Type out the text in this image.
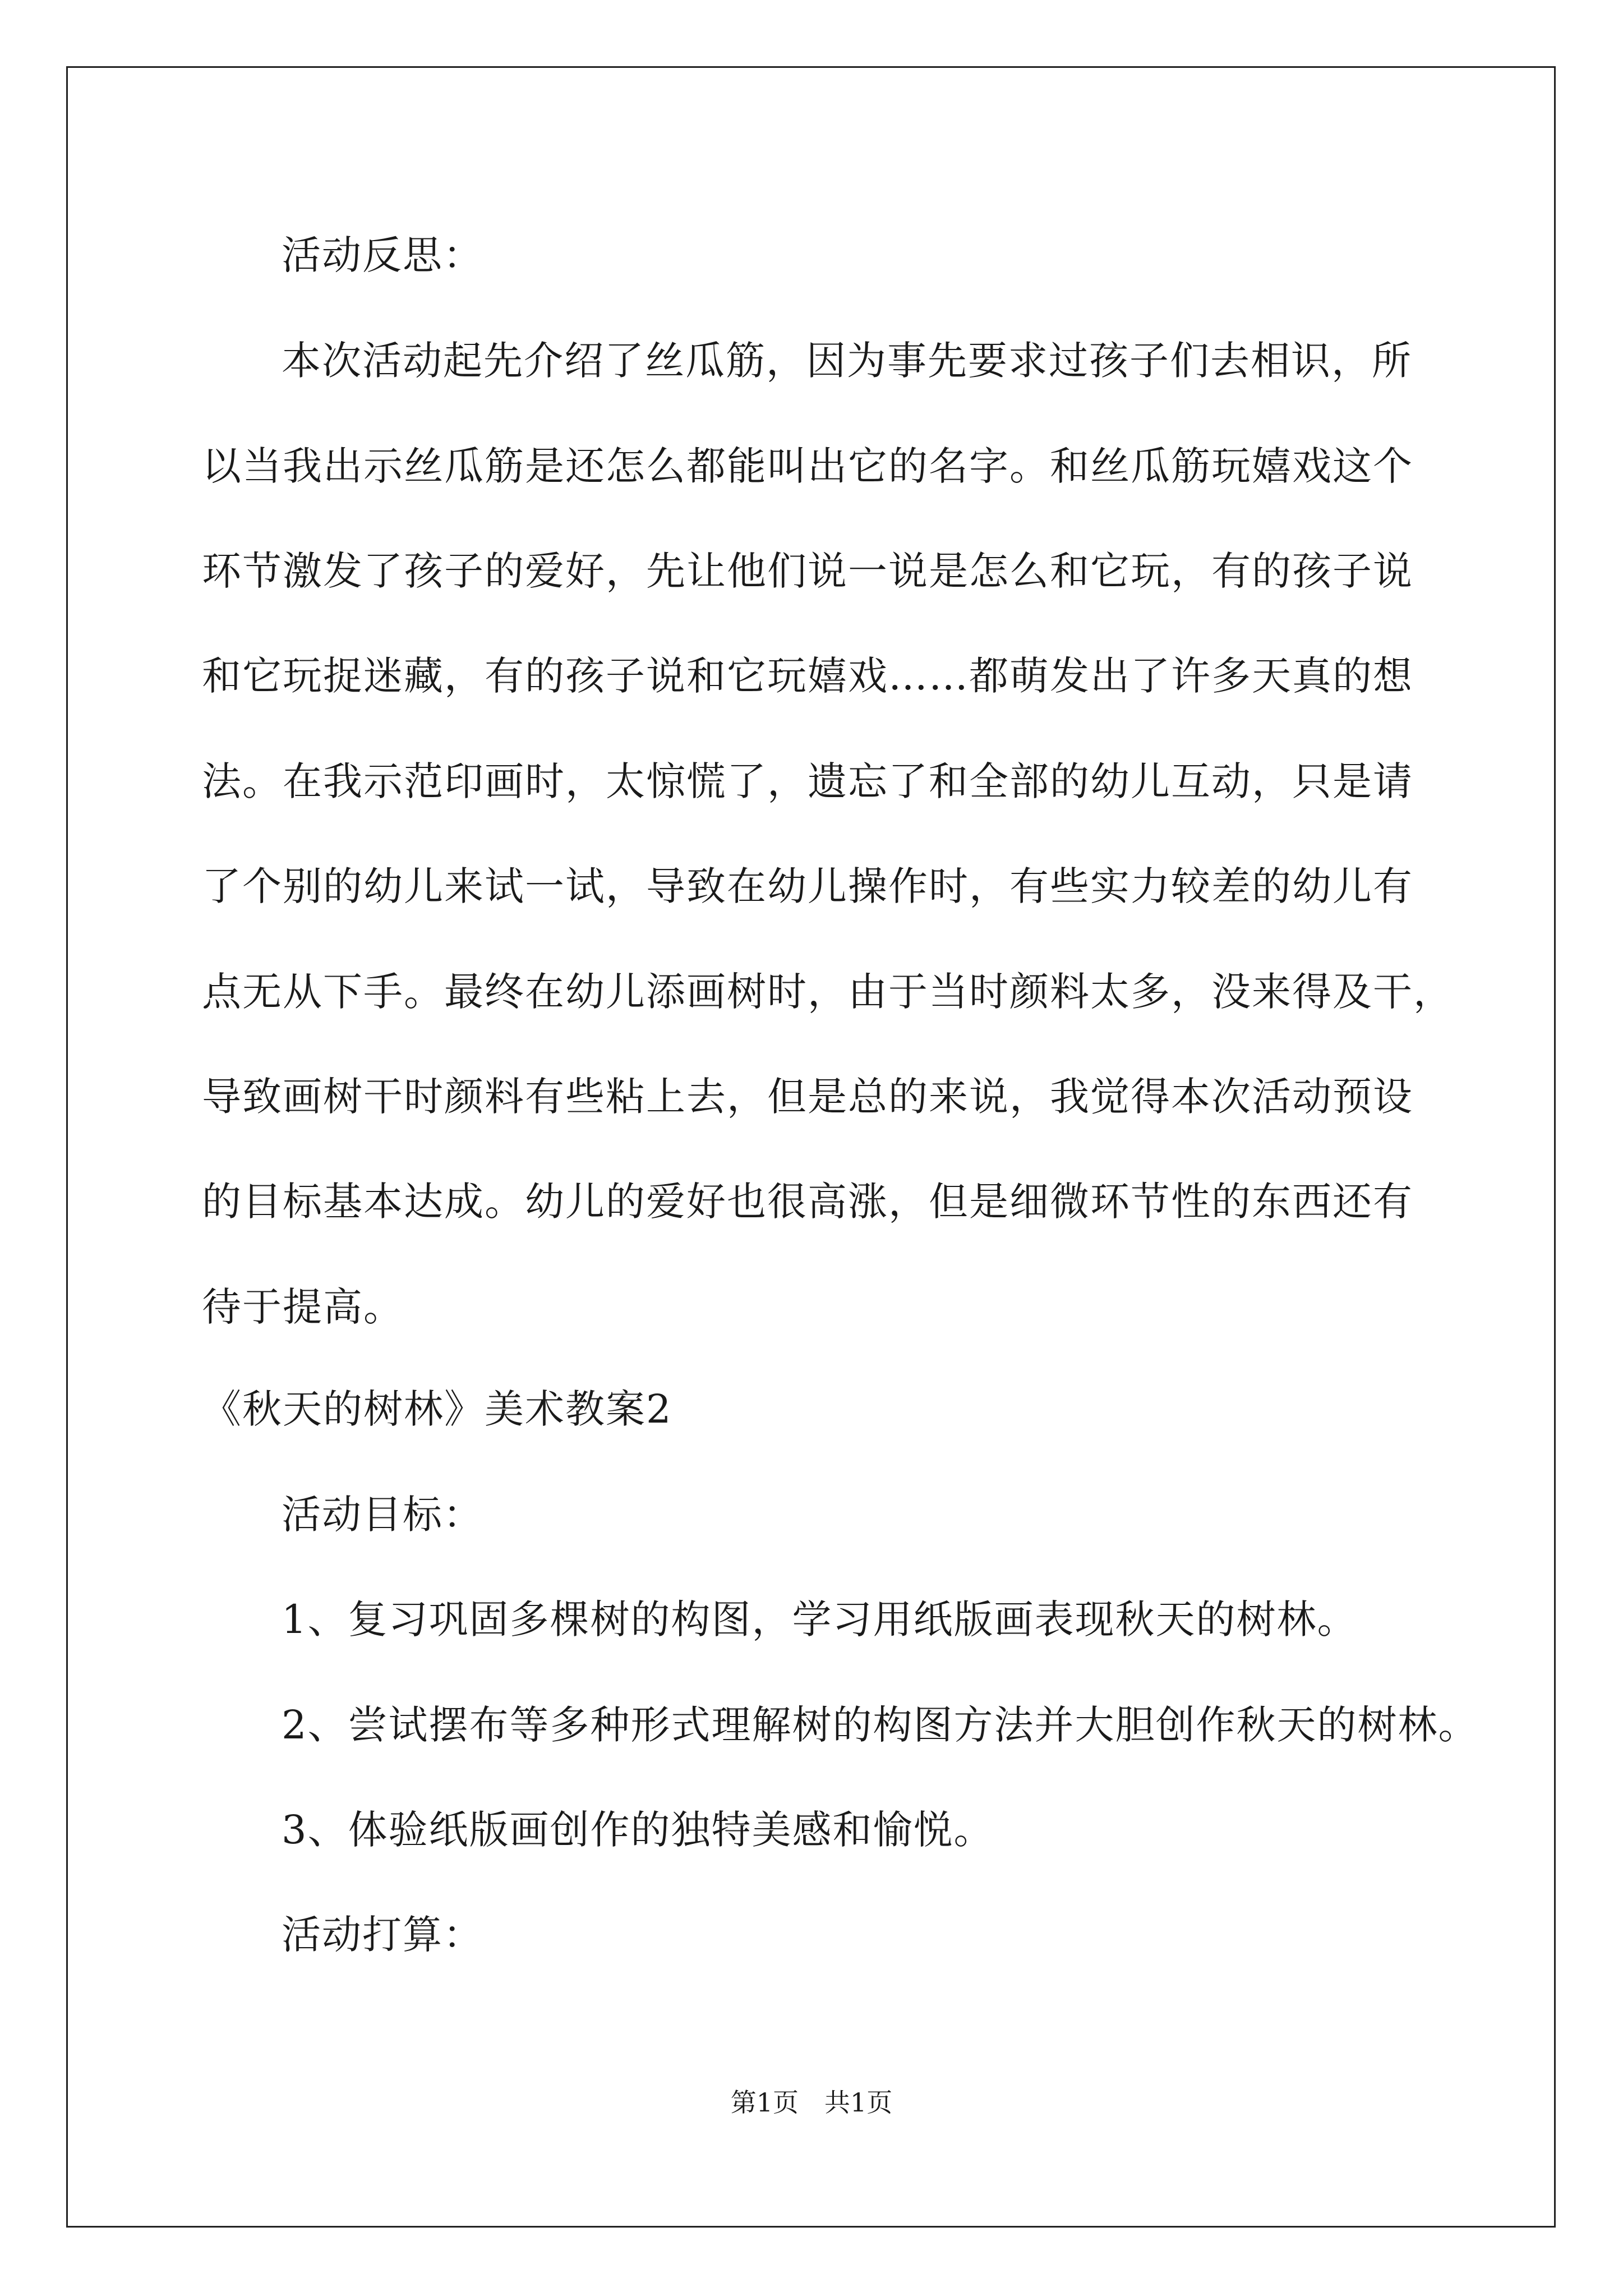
活动反思：
本次活动起先介绍了丝瓜筋，因为事先要求过孩子们去相识，所
以当我出示丝瓜筋是还怎么都能叫出它的名字。和丝瓜筋玩嬉戏这个
环节激发了孩子的爱好，先让他们说一说是怎么和它玩，有的孩子说
和它玩捉迷藏，有的孩子说和它玩嬉戏……都萌发出了许多天真的想
法。在我示范印画时，太惊慌了，遗忘了和全部的幼儿互动，只是请
了个别的幼儿来试一试，导致在幼儿操作时，有些实力较差的幼儿有
点无从下手。最终在幼儿添画树时，由于当时颜料太多，没来得及干，
导致画树干时颜料有些粘上去，但是总的来说，我觉得本次活动预设
的目标基本达成。幼儿的爱好也很高涨，但是细微环节性的东西还有
待于提高。
《秋天的树林》美术教案2
活动目标：
1、复习巩固多棵树的构图，学习用纸版画表现秋天的树林。
2、尝试摆布等多种形式理解树的构图方法并大胆创作秋天的树林。
3、体验纸版画创作的独特美感和愉悦。
活动打算：
第1页　共1页
